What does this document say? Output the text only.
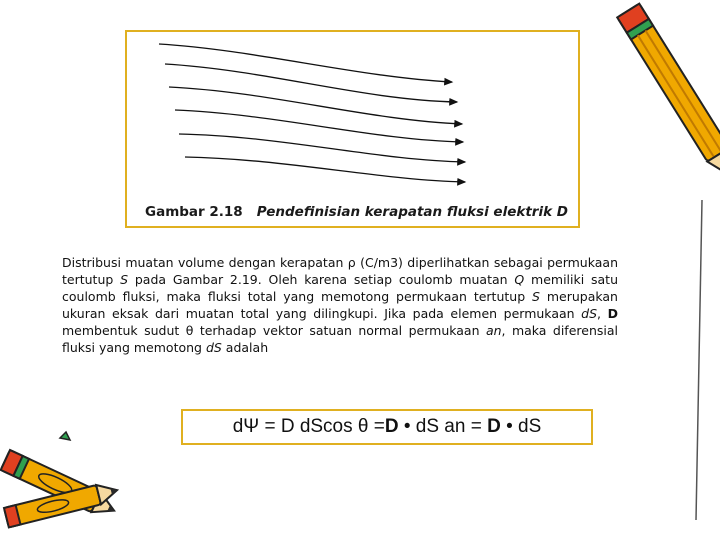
Gambar 2.18 Pendefinisian kerapatan fluksi elektrik D

Distribusi muatan volume dengan kerapatan ρ (C/m3) diperlihatkan sebagai permukaan tertutup S pada Gambar 2.19. Oleh karena setiap coulomb muatan Q memiliki satu coulomb fluksi, maka fluksi total yang memotong permukaan tertutup S merupakan ukuran eksak dari muatan total yang dilingkupi. Jika pada elemen permukaan dS, D membentuk sudut θ terhadap vektor satuan normal permukaan an, maka diferensial fluksi yang memotong dS adalah

dΨ = D dScos θ =D • dS an = D • dS
